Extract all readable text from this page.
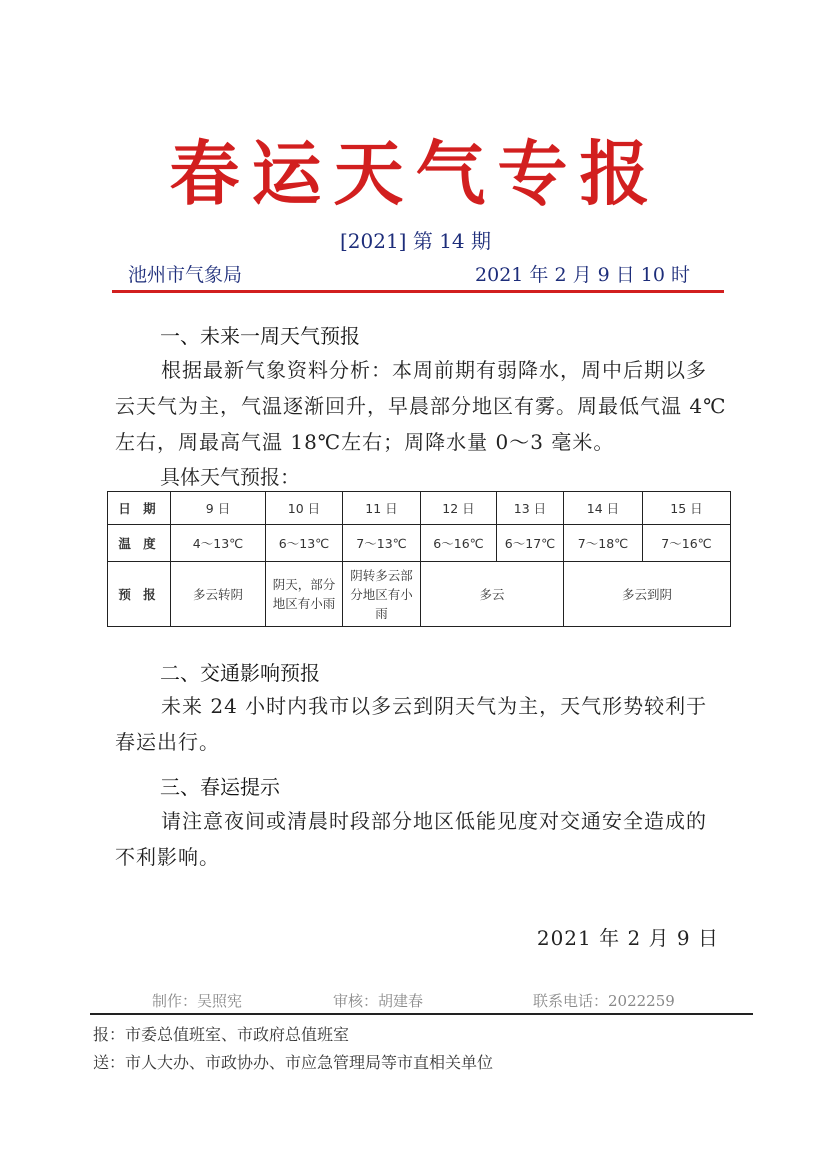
春运天气专报
[2021] 第 14 期
池州市气象局	2021 年 2 月 9 日 10 时
一、未来一周天气预报
根据最新气象资料分析：本周前期有弱降水，周中后期以多云天气为主，气温逐渐回升，早晨部分地区有雾。周最低气温 4℃左右，周最高气温 18℃左右；周降水量 0～3 毫米。
具体天气预报：
日 期	9 日	10 日	11 日	12 日	13 日	14 日	15 日
温 度	4～13℃	6～13℃	7～13℃	6～16℃	6～17℃	7～18℃	7～16℃
预 报	多云转阴	阴天，部分地区有小雨	阴转多云部分地区有小雨	多云		多云到阴	
二、交通影响预报
未来 24 小时内我市以多云到阴天气为主，天气形势较利于春运出行。
三、春运提示
请注意夜间或清晨时段部分地区低能见度对交通安全造成的不利影响。
2021 年 2 月 9 日
制作：吴照宪	审核：胡建春	联系电话：2022259
报：市委总值班室、市政府总值班室
送：市人大办、市政协办、市应急管理局等市直相关单位
